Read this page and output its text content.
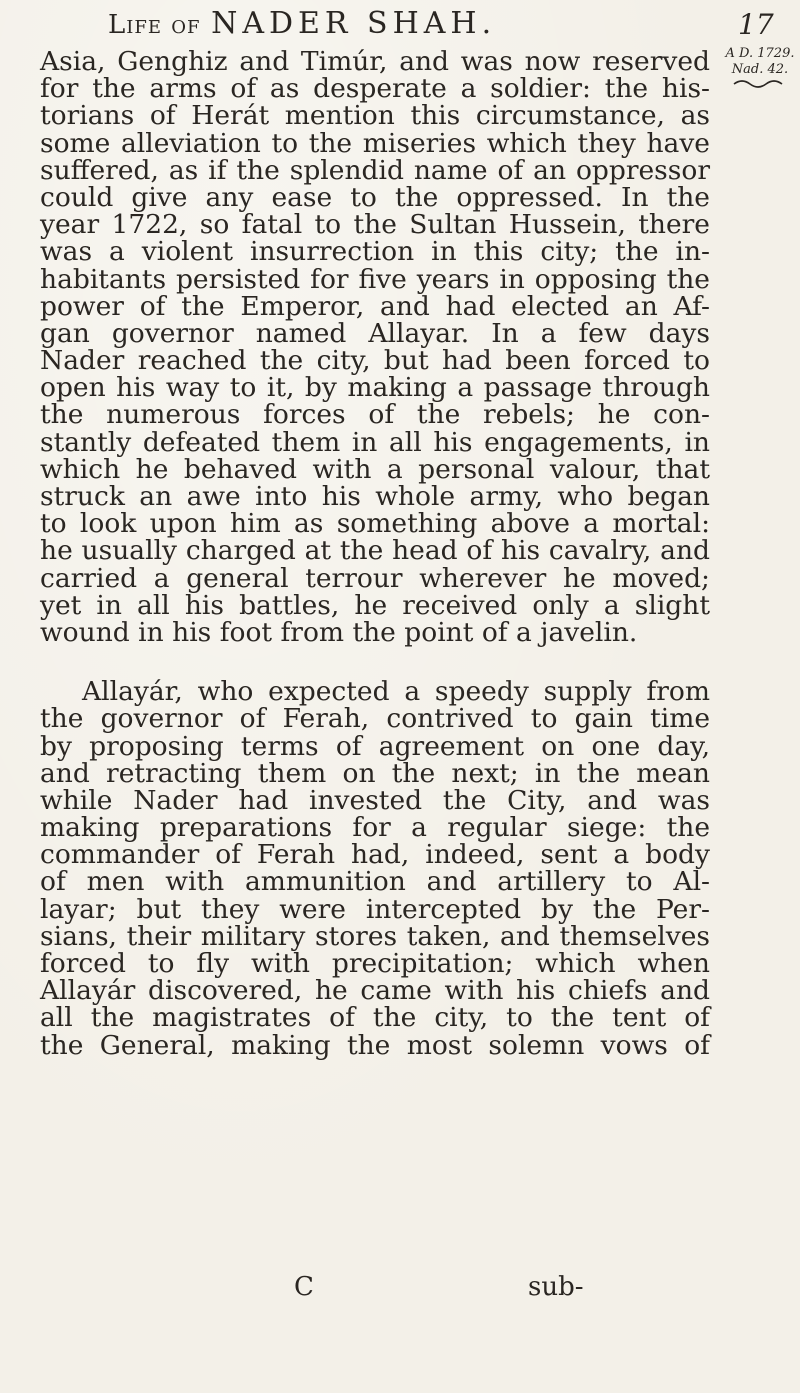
Life of NADER SHAH.	17
A D. 1729.
Nad. 42.
Asia, Genghiz and Timúr, and was now reserved
for the arms of as desperate a soldier: the his-
torians of Herát mention this circumstance, as
some alleviation to the miseries which they have
suffered, as if the splendid name of an oppressor
could give any ease to the oppressed. In the
year 1722, so fatal to the Sultan Hussein, there
was a violent insurrection in this city; the in-
habitants persisted for five years in opposing the
power of the Emperor, and had elected an Af-
gan governor named Allayar. In a few days
Nader reached the city, but had been forced to
open his way to it, by making a passage through
the numerous forces of the rebels; he con-
stantly defeated them in all his engagements, in
which he behaved with a personal valour, that
struck an awe into his whole army, who began
to look upon him as something above a mortal:
he usually charged at the head of his cavalry, and
carried a general terrour wherever he moved;
yet in all his battles, he received only a slight
wound in his foot from the point of a javelin.
Allayár, who expected a speedy supply from
the governor of Ferah, contrived to gain time
by proposing terms of agreement on one day,
and retracting them on the next; in the mean
while Nader had invested the City, and was
making preparations for a regular siege: the
commander of Ferah had, indeed, sent a body
of men with ammunition and artillery to Al-
layar; but they were intercepted by the Per-
sians, their military stores taken, and themselves
forced to fly with precipitation; which when
Allayár discovered, he came with his chiefs and
all the magistrates of the city, to the tent of
the General, making the most solemn vows of
C	sub-
